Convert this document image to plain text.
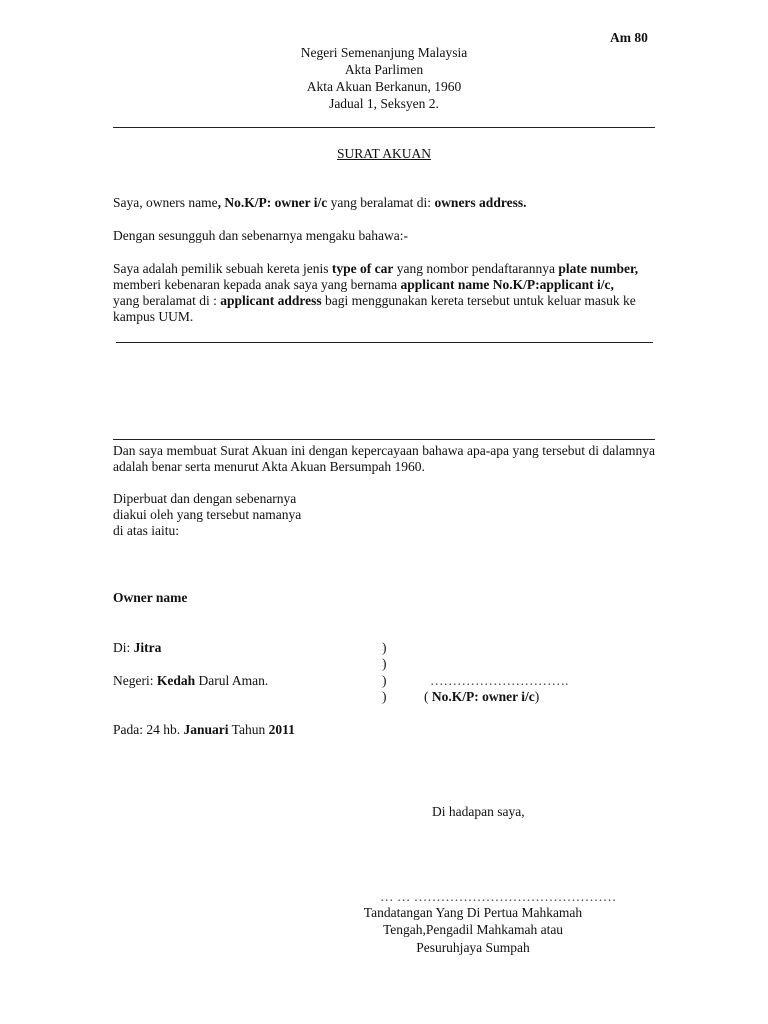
Am 80
Negeri Semenanjung Malaysia
Akta Parlimen
Akta Akuan Berkanun, 1960
Jadual 1, Seksyen 2.
SURAT AKUAN
Saya, owners name, No.K/P: owner i/c yang beralamat di: owners address.
Dengan sesungguh dan sebenarnya mengaku bahawa:-
Saya adalah pemilik sebuah kereta jenis type of car yang nombor pendaftarannya plate number,
memberi kebenaran kepada anak saya yang bernama applicant name No.K/P:applicant i/c,
yang beralamat di : applicant address bagi menggunakan kereta tersebut untuk keluar masuk ke kampus UUM.
Dan saya membuat Surat Akuan ini dengan kepercayaan bahawa apa-apa yang tersebut di dalamnya adalah benar serta menurut Akta Akuan Bersumpah 1960.
Diperbuat dan dengan sebenarnya
diakui oleh yang tersebut namanya
di atas iaitu:
Owner name
Di: Jitra
Negeri: Kedah Darul Aman.
)
)
)
)
………………………….
( No.K/P: owner i/c)
Pada: 24 hb. Januari Tahun 2011
Di hadapan saya,
… … ………………………………………
Tandatangan Yang Di Pertua Mahkamah
Tengah,Pengadil Mahkamah atau
Pesuruhjaya Sumpah
